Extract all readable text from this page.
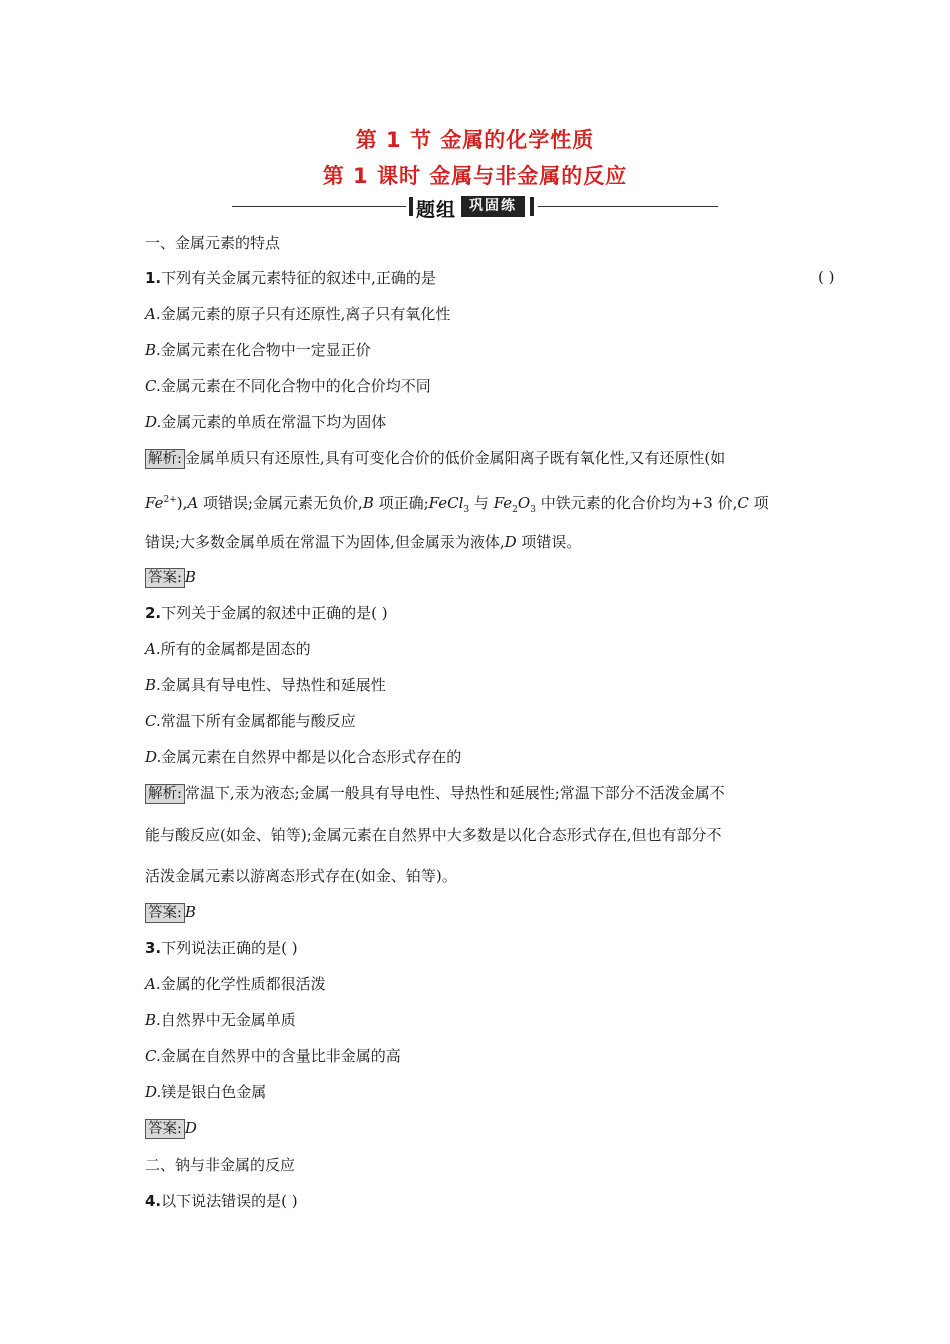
第 1 节 金属的化学性质
第 1 课时 金属与非金属的反应
题组 巩固练
一、金属元素的特点
1.下列有关金属元素特征的叙述中,正确的是	( )
A.金属元素的原子只有还原性,离子只有氧化性
B.金属元素在化合物中一定显正价
C.金属元素在不同化合物中的化合价均不同
D.金属元素的单质在常温下均为固体
解析: 金属单质只有还原性,具有可变化合价的低价金属阳离子既有氧化性,又有还原性(如
$Fe^{2+}),A$ 项错误;金属元素无负价,B 项正确;FeCl$_3$ 与 $Fe_2O_3$ 中铁元素的化合价均为+3 价,C 项
错误;大多数金属单质在常温下为固体,但金属汞为液体,D 项错误。
答案: B
2.下列关于金属的叙述中正确的是( )
A.所有的金属都是固态的
B.金属具有导电性、导热性和延展性
C.常温下所有金属都能与酸反应
D.金属元素在自然界中都是以化合态形式存在的
解析: 常温下,汞为液态;金属一般具有导电性、导热性和延展性;常温下部分不活泼金属不
能与酸反应(如金、铂等);金属元素在自然界中大多数是以化合态形式存在,但也有部分不
活泼金属元素以游离态形式存在(如金、铂等)。
答案: B
3.下列说法正确的是( )
A.金属的化学性质都很活泼
B.自然界中无金属单质
C.金属在自然界中的含量比非金属的高
D.镁是银白色金属
答案: D
二、钠与非金属的反应
4.以下说法错误的是( )
